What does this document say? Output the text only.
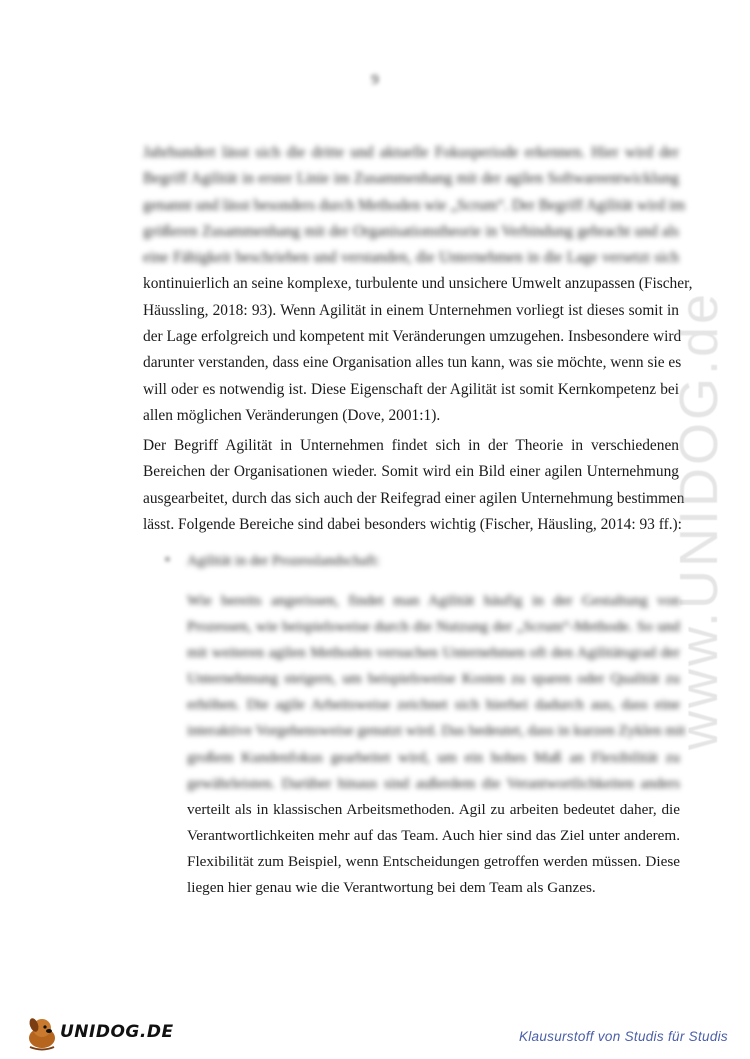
9
Jahrhundert lässt sich die dritte und aktuelle Fokusperiode erkennen. Hier wird der
Begriff Agilität in erster Linie im Zusammenhang mit der agilen Softwareentwicklung
genannt und lässt besonders durch Methoden wie „Scrum“. Der Begriff Agilität wird im
größeren Zusammenhang mit der Organisationstheorie in Verbindung gebracht und als
eine Fähigkeit beschrieben und verstanden, die Unternehmen in die Lage versetzt sich
kontinuierlich an seine komplexe, turbulente und unsichere Umwelt anzupassen (Fischer,
Häussling, 2018: 93). Wenn Agilität in einem Unternehmen vorliegt ist dieses somit in
der Lage erfolgreich und kompetent mit Veränderungen umzugehen. Insbesondere wird
darunter verstanden, dass eine Organisation alles tun kann, was sie möchte, wenn sie es
will oder es notwendig ist. Diese Eigenschaft der Agilität ist somit Kernkompetenz bei
allen möglichen Veränderungen (Dove, 2001:1).
Der Begriff Agilität in Unternehmen findet sich in der Theorie in verschiedenen
Bereichen der Organisationen wieder. Somit wird ein Bild einer agilen Unternehmung
ausgearbeitet, durch das sich auch der Reifegrad einer agilen Unternehmung bestimmen
lässt. Folgende Bereiche sind dabei besonders wichtig (Fischer, Häusling, 2014: 93 ff.):
• Agilität in der Prozesslandschaft:
Wie bereits angerissen, findet man Agilität häufig in der Gestaltung von
Prozessen, wie beispielsweise durch die Nutzung der „Scrum“-Methode. So und
mit weiteren agilen Methoden versuchen Unternehmen oft den Agilitätsgrad der
Unternehmung steigern, um beispielsweise Kosten zu sparen oder Qualität zu
erhöhen. Die agile Arbeitsweise zeichnet sich hierbei dadurch aus, dass eine
interaktive Vorgehensweise genutzt wird. Das bedeutet, dass in kurzen Zyklen mit
großem Kundenfokus gearbeitet wird, um ein hohes Maß an Flexibilität zu
gewährleisten. Darüber hinaus sind außerdem die Verantwortlichkeiten anders
verteilt als in klassischen Arbeitsmethoden. Agil zu arbeiten bedeutet daher, die
Verantwortlichkeiten mehr auf das Team. Auch hier sind das Ziel unter anderem.
Flexibilität zum Beispiel, wenn Entscheidungen getroffen werden müssen. Diese
liegen hier genau wie die Verantwortung bei dem Team als Ganzes.
www.UNIDOG.de
UNIDOG.DE	Klausurstoff von Studis für Studis
